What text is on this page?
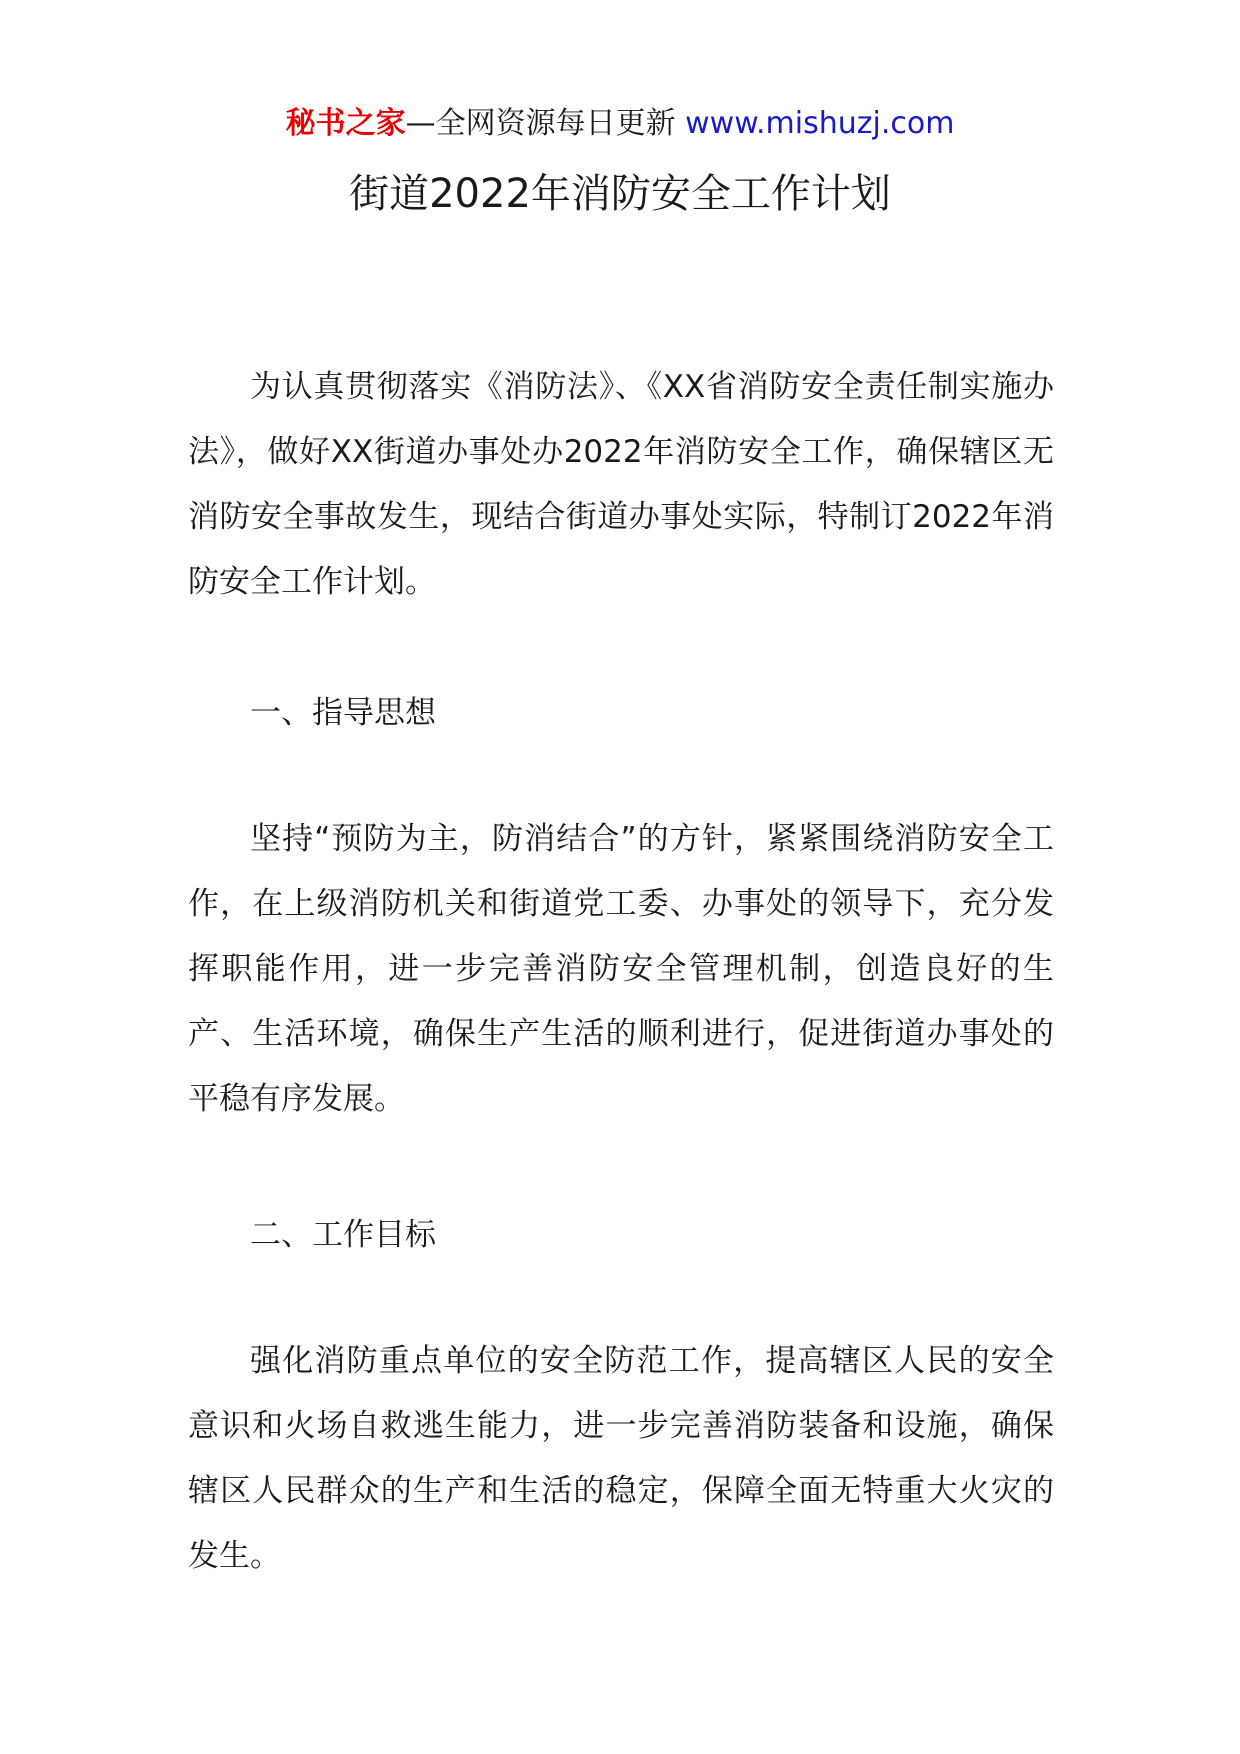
秘书之家—全网资源每日更新 www.mishuzj.com
街道2022年消防安全工作计划

为认真贯彻落实《消防法》、《XX省消防安全责任制实施办法》，做好XX街道办事处办2022年消防安全工作，确保辖区无消防安全事故发生，现结合街道办事处实际，特制订2022年消防安全工作计划。

一、指导思想

坚持“预防为主，防消结合”的方针，紧紧围绕消防安全工作，在上级消防机关和街道党工委、办事处的领导下，充分发挥职能作用，进一步完善消防安全管理机制，创造良好的生产、生活环境，确保生产生活的顺利进行，促进街道办事处的平稳有序发展。

二、工作目标

强化消防重点单位的安全防范工作，提高辖区人民的安全意识和火场自救逃生能力，进一步完善消防装备和设施，确保辖区人民群众的生产和生活的稳定，保障全面无特重大火灾的发生。
